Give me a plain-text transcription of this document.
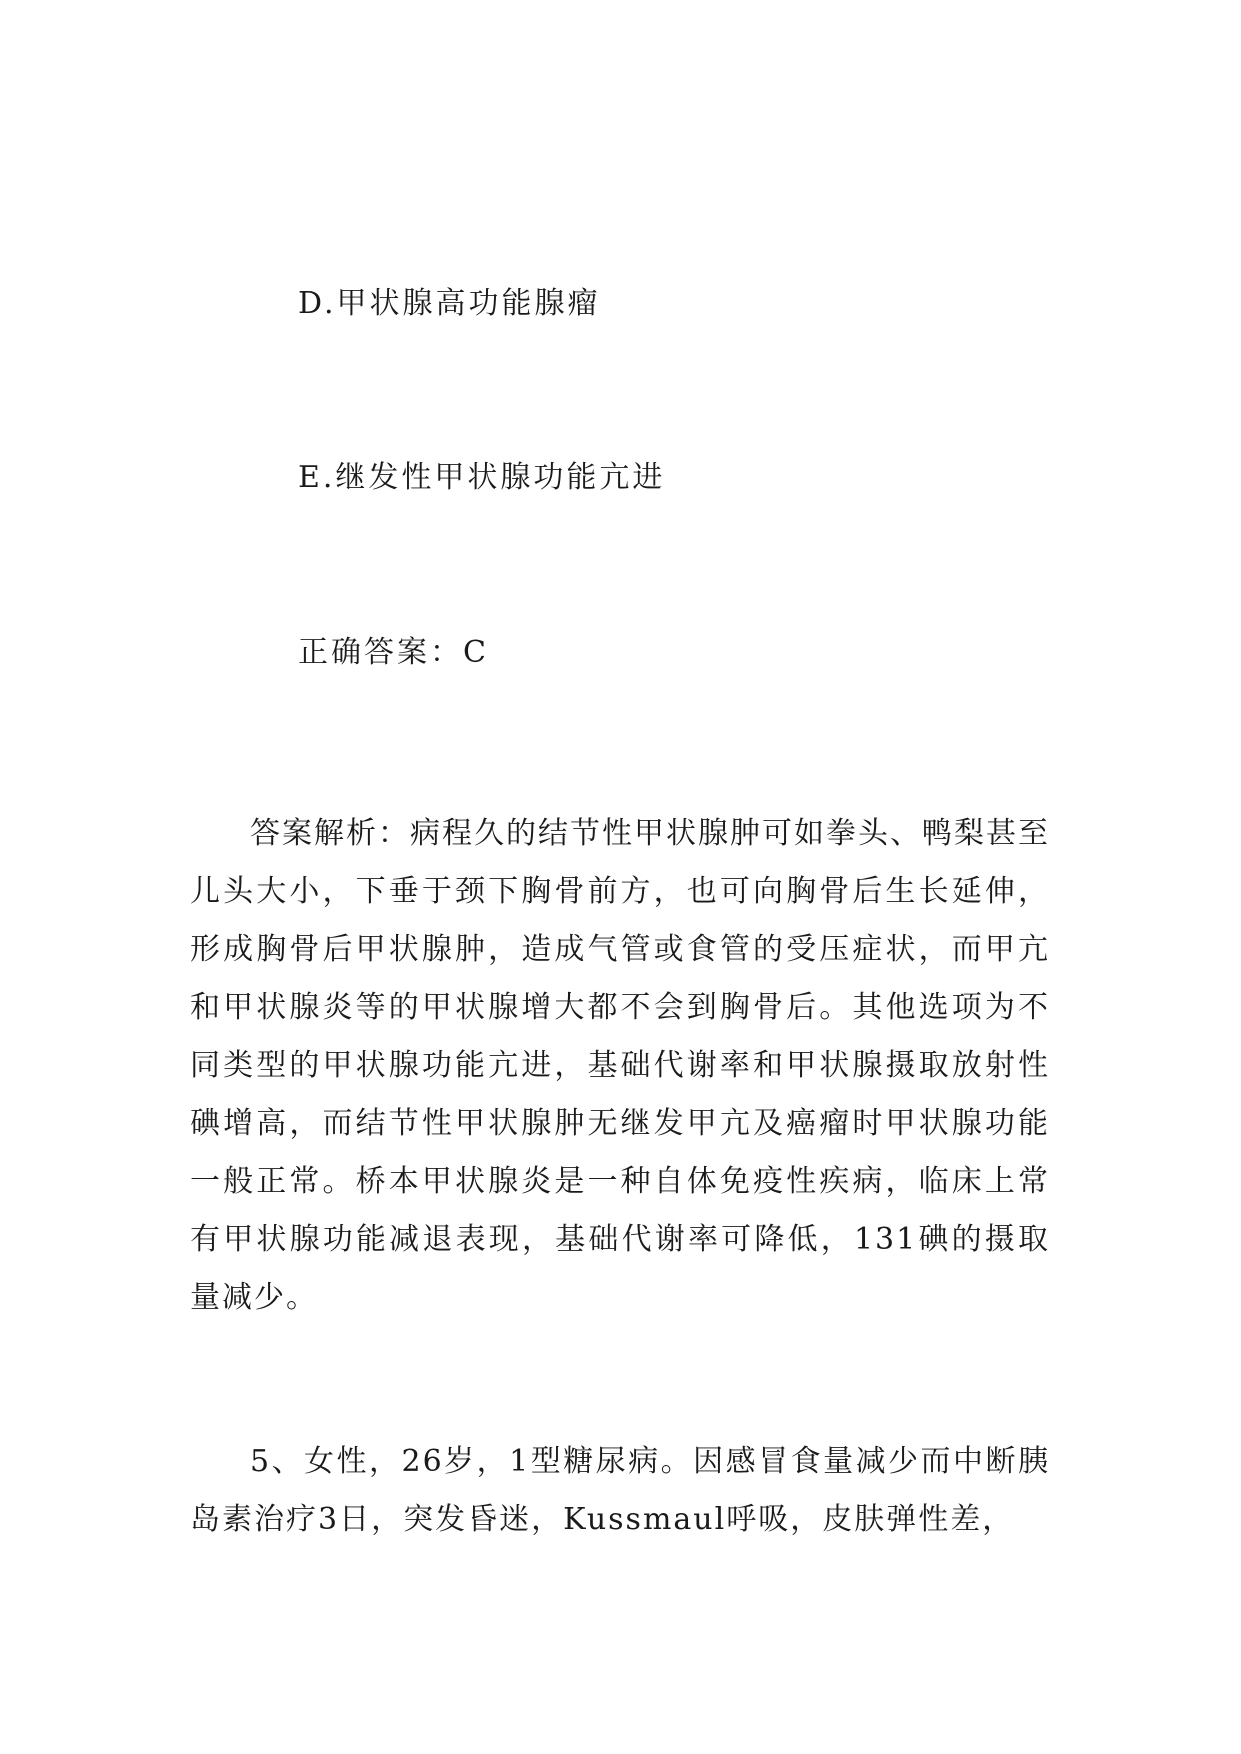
D.甲状腺高功能腺瘤
E.继发性甲状腺功能亢进
正确答案：C
答案解析：病程久的结节性甲状腺肿可如拳头、鸭梨甚至儿头大小，下垂于颈下胸骨前方，也可向胸骨后生长延伸，形成胸骨后甲状腺肿，造成气管或食管的受压症状，而甲亢和甲状腺炎等的甲状腺增大都不会到胸骨后。其他选项为不同类型的甲状腺功能亢进，基础代谢率和甲状腺摄取放射性碘增高，而结节性甲状腺肿无继发甲亢及癌瘤时甲状腺功能一般正常。桥本甲状腺炎是一种自体免疫性疾病，临床上常有甲状腺功能减退表现，基础代谢率可降低，131碘的摄取量减少。
5、女性，26岁，1型糖尿病。因感冒食量减少而中断胰岛素治疗3日，突发昏迷，Kussmaul呼吸，皮肤弹性差，
